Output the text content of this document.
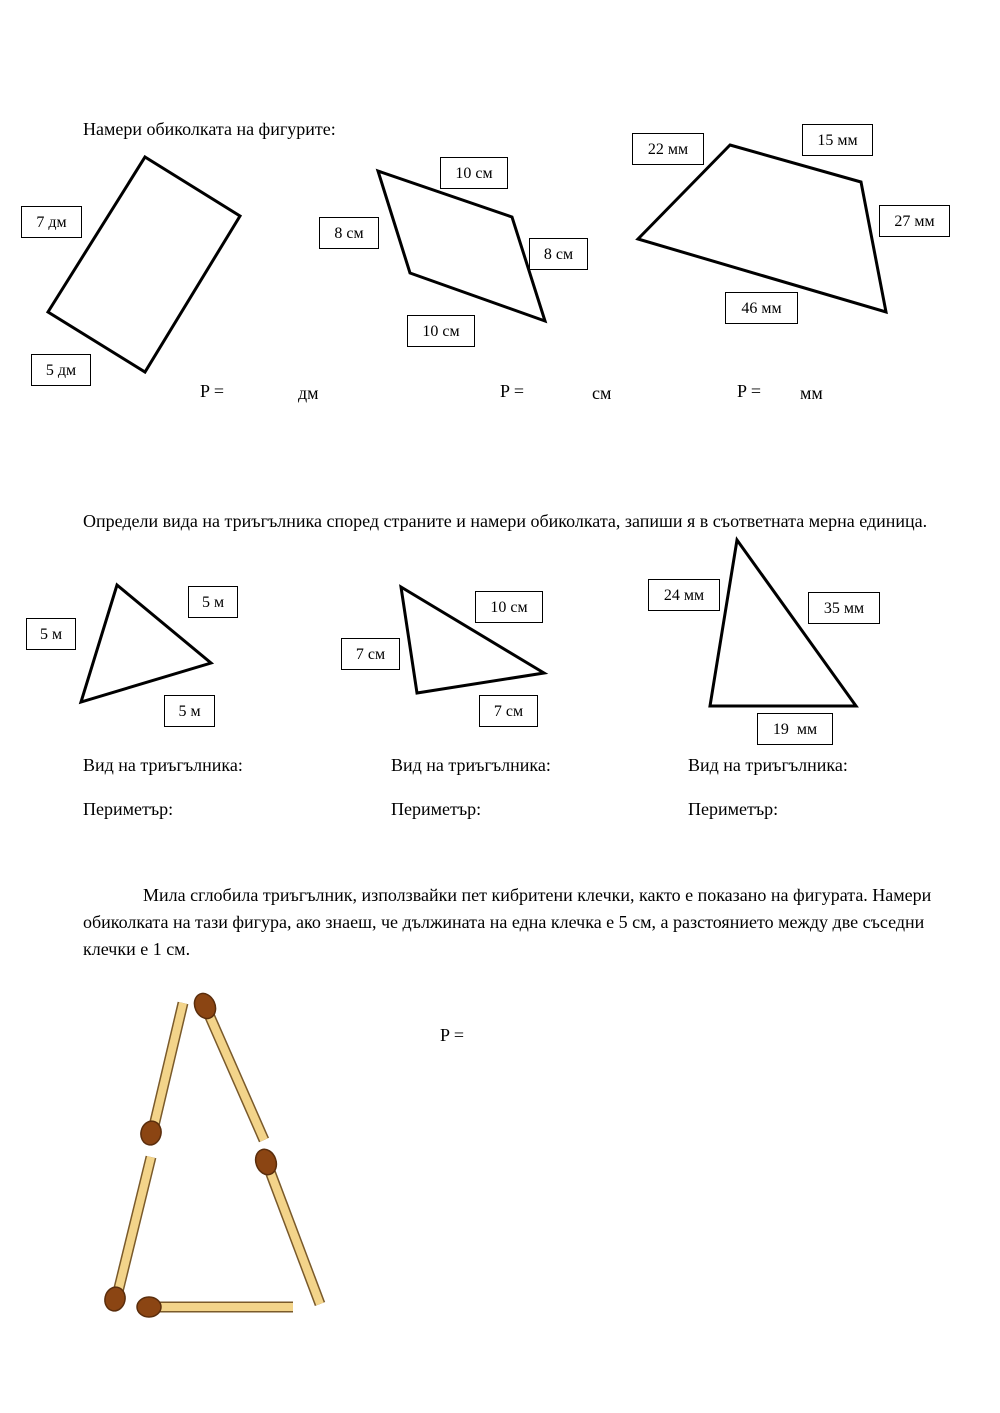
Намери обиколката на фигурите:
7 дм
5 дм
10 см
8 см
8 см
10 см
22 мм
15 мм
27 мм
46 мм
P =	дм	P =	см	P = мм
Определи вида на триъгълника според страните и намери обиколката, запиши я в съответната мерна единица.
5 м
5 м
5 м
10 см
7 см
7 см
24 мм
35 мм
19  мм
Вид на триъгълника:	Вид на триъгълника:	Вид на триъгълника:
Периметър:	Периметър:	Периметър:
Мила сглобила триъгълник, използвайки пет кибритени клечки, както е показано на фигурата. Намери обиколката на тази фигура, ако знаеш, че дължината на една клечка е 5 см, а разстоянието между две съседни клечки е 1 см.
P =
